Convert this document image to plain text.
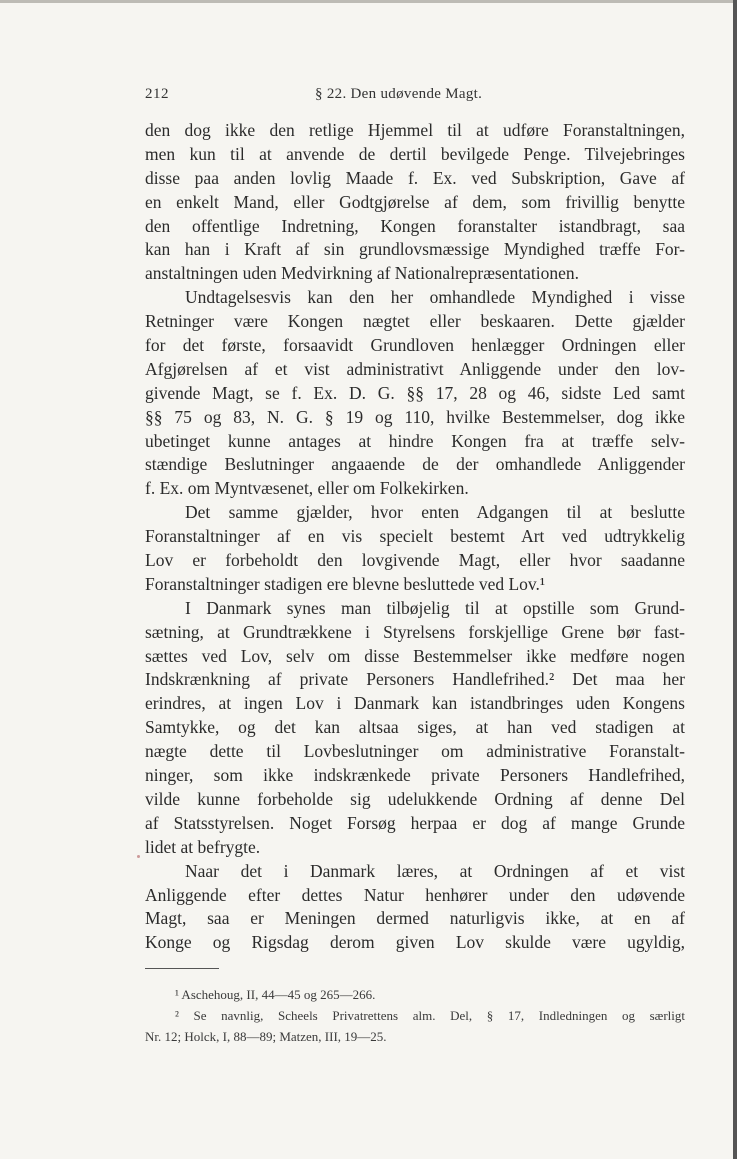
212	§ 22. Den udøvende Magt.
den dog ikke den retlige Hjemmel til at udføre Foranstaltningen,
men kun til at anvende de dertil bevilgede Penge. Tilvejebringes
disse paa anden lovlig Maade f. Ex. ved Subskription, Gave af
en enkelt Mand, eller Godtgjørelse af dem, som frivillig benytte
den offentlige Indretning, Kongen foranstalter istandbragt, saa
kan han i Kraft af sin grundlovsmæssige Myndighed træffe For-
anstaltningen uden Medvirkning af Nationalrepræsentationen.
Undtagelsesvis kan den her omhandlede Myndighed i visse
Retninger være Kongen nægtet eller beskaaren. Dette gjælder
for det første, forsaavidt Grundloven henlægger Ordningen eller
Afgjørelsen af et vist administrativt Anliggende under den lov-
givende Magt, se f. Ex. D. G. §§ 17, 28 og 46, sidste Led samt
§§ 75 og 83, N. G. § 19 og 110, hvilke Bestemmelser, dog ikke
ubetinget kunne antages at hindre Kongen fra at træffe selv-
stændige Beslutninger angaaende de der omhandlede Anliggender
f. Ex. om Myntvæsenet, eller om Folkekirken.
Det samme gjælder, hvor enten Adgangen til at beslutte
Foranstaltninger af en vis specielt bestemt Art ved udtrykkelig
Lov er forbeholdt den lovgivende Magt, eller hvor saadanne
Foranstaltninger stadigen ere blevne besluttede ved Lov.¹
I Danmark synes man tilbøjelig til at opstille som Grund-
sætning, at Grundtrækkene i Styrelsens forskjellige Grene bør fast-
sættes ved Lov, selv om disse Bestemmelser ikke medføre nogen
Indskrænkning af private Personers Handlefrihed.² Det maa her
erindres, at ingen Lov i Danmark kan istandbringes uden Kongens
Samtykke, og det kan altsaa siges, at han ved stadigen at
nægte dette til Lovbeslutninger om administrative Foranstalt-
ninger, som ikke indskrænkede private Personers Handlefrihed,
vilde kunne forbeholde sig udelukkende Ordning af denne Del
af Statsstyrelsen. Noget Forsøg herpaa er dog af mange Grunde
lidet at befrygte.
Naar det i Danmark læres, at Ordningen af et vist
Anliggende efter dettes Natur henhører under den udøvende
Magt, saa er Meningen dermed naturligvis ikke, at en af
Konge og Rigsdag derom given Lov skulde være ugyldig,
¹ Aschehoug, II, 44—45 og 265—266.
² Se navnlig, Scheels Privatrettens alm. Del, § 17, Indledningen og særligt
Nr. 12; Holck, I, 88—89; Matzen, III, 19—25.
